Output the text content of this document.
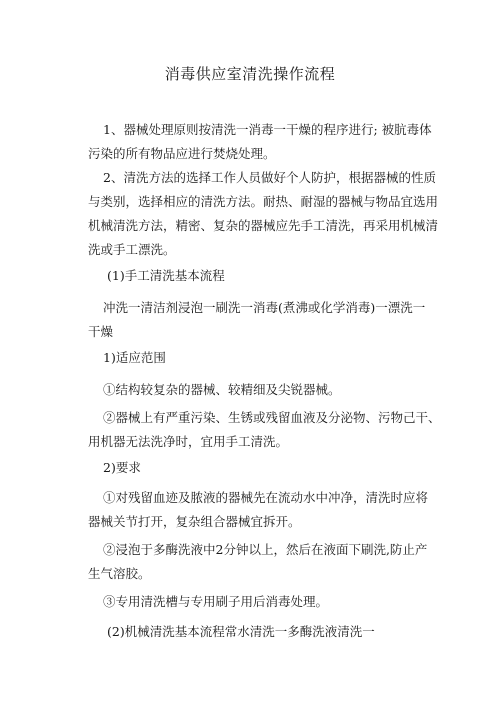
消毒供应室清洗操作流程
1、器械处理原则按清洗一消毒一干燥的程序进行; 被肮毒体
污染的所有物品应进行焚烧处理。
2、清洗方法的选择工作人员做好个人防护，根据器械的性质
与类别，选择相应的清洗方法。耐热、耐湿的器械与物品宜选用
机械清洗方法，精密、复杂的器械应先手工清洗，再采用机械清
洗或手工漂洗。
(1)手工清洗基本流程
冲洗一清洁剂浸泡一刷洗一消毒(煮沸或化学消毒)一漂洗一
干燥
1)适应范围
①结构较复杂的器械、较精细及尖锐器械。
②器械上有严重污染、生锈或残留血液及分泌物、污物己干、
用机器无法洗净时，宜用手工清洗。
2)要求
①对残留血迹及脓液的器械先在流动水中冲净，清洗时应将
器械关节打开，复杂组合器械宜拆开。
②浸泡于多酶洗液中2分钟以上，然后在液面下刷洗,防止产
生气溶胶。
③专用清洗槽与专用刷子用后消毒处理。
(2)机械清洗基本流程常水清洗一多酶洗液清洗一
